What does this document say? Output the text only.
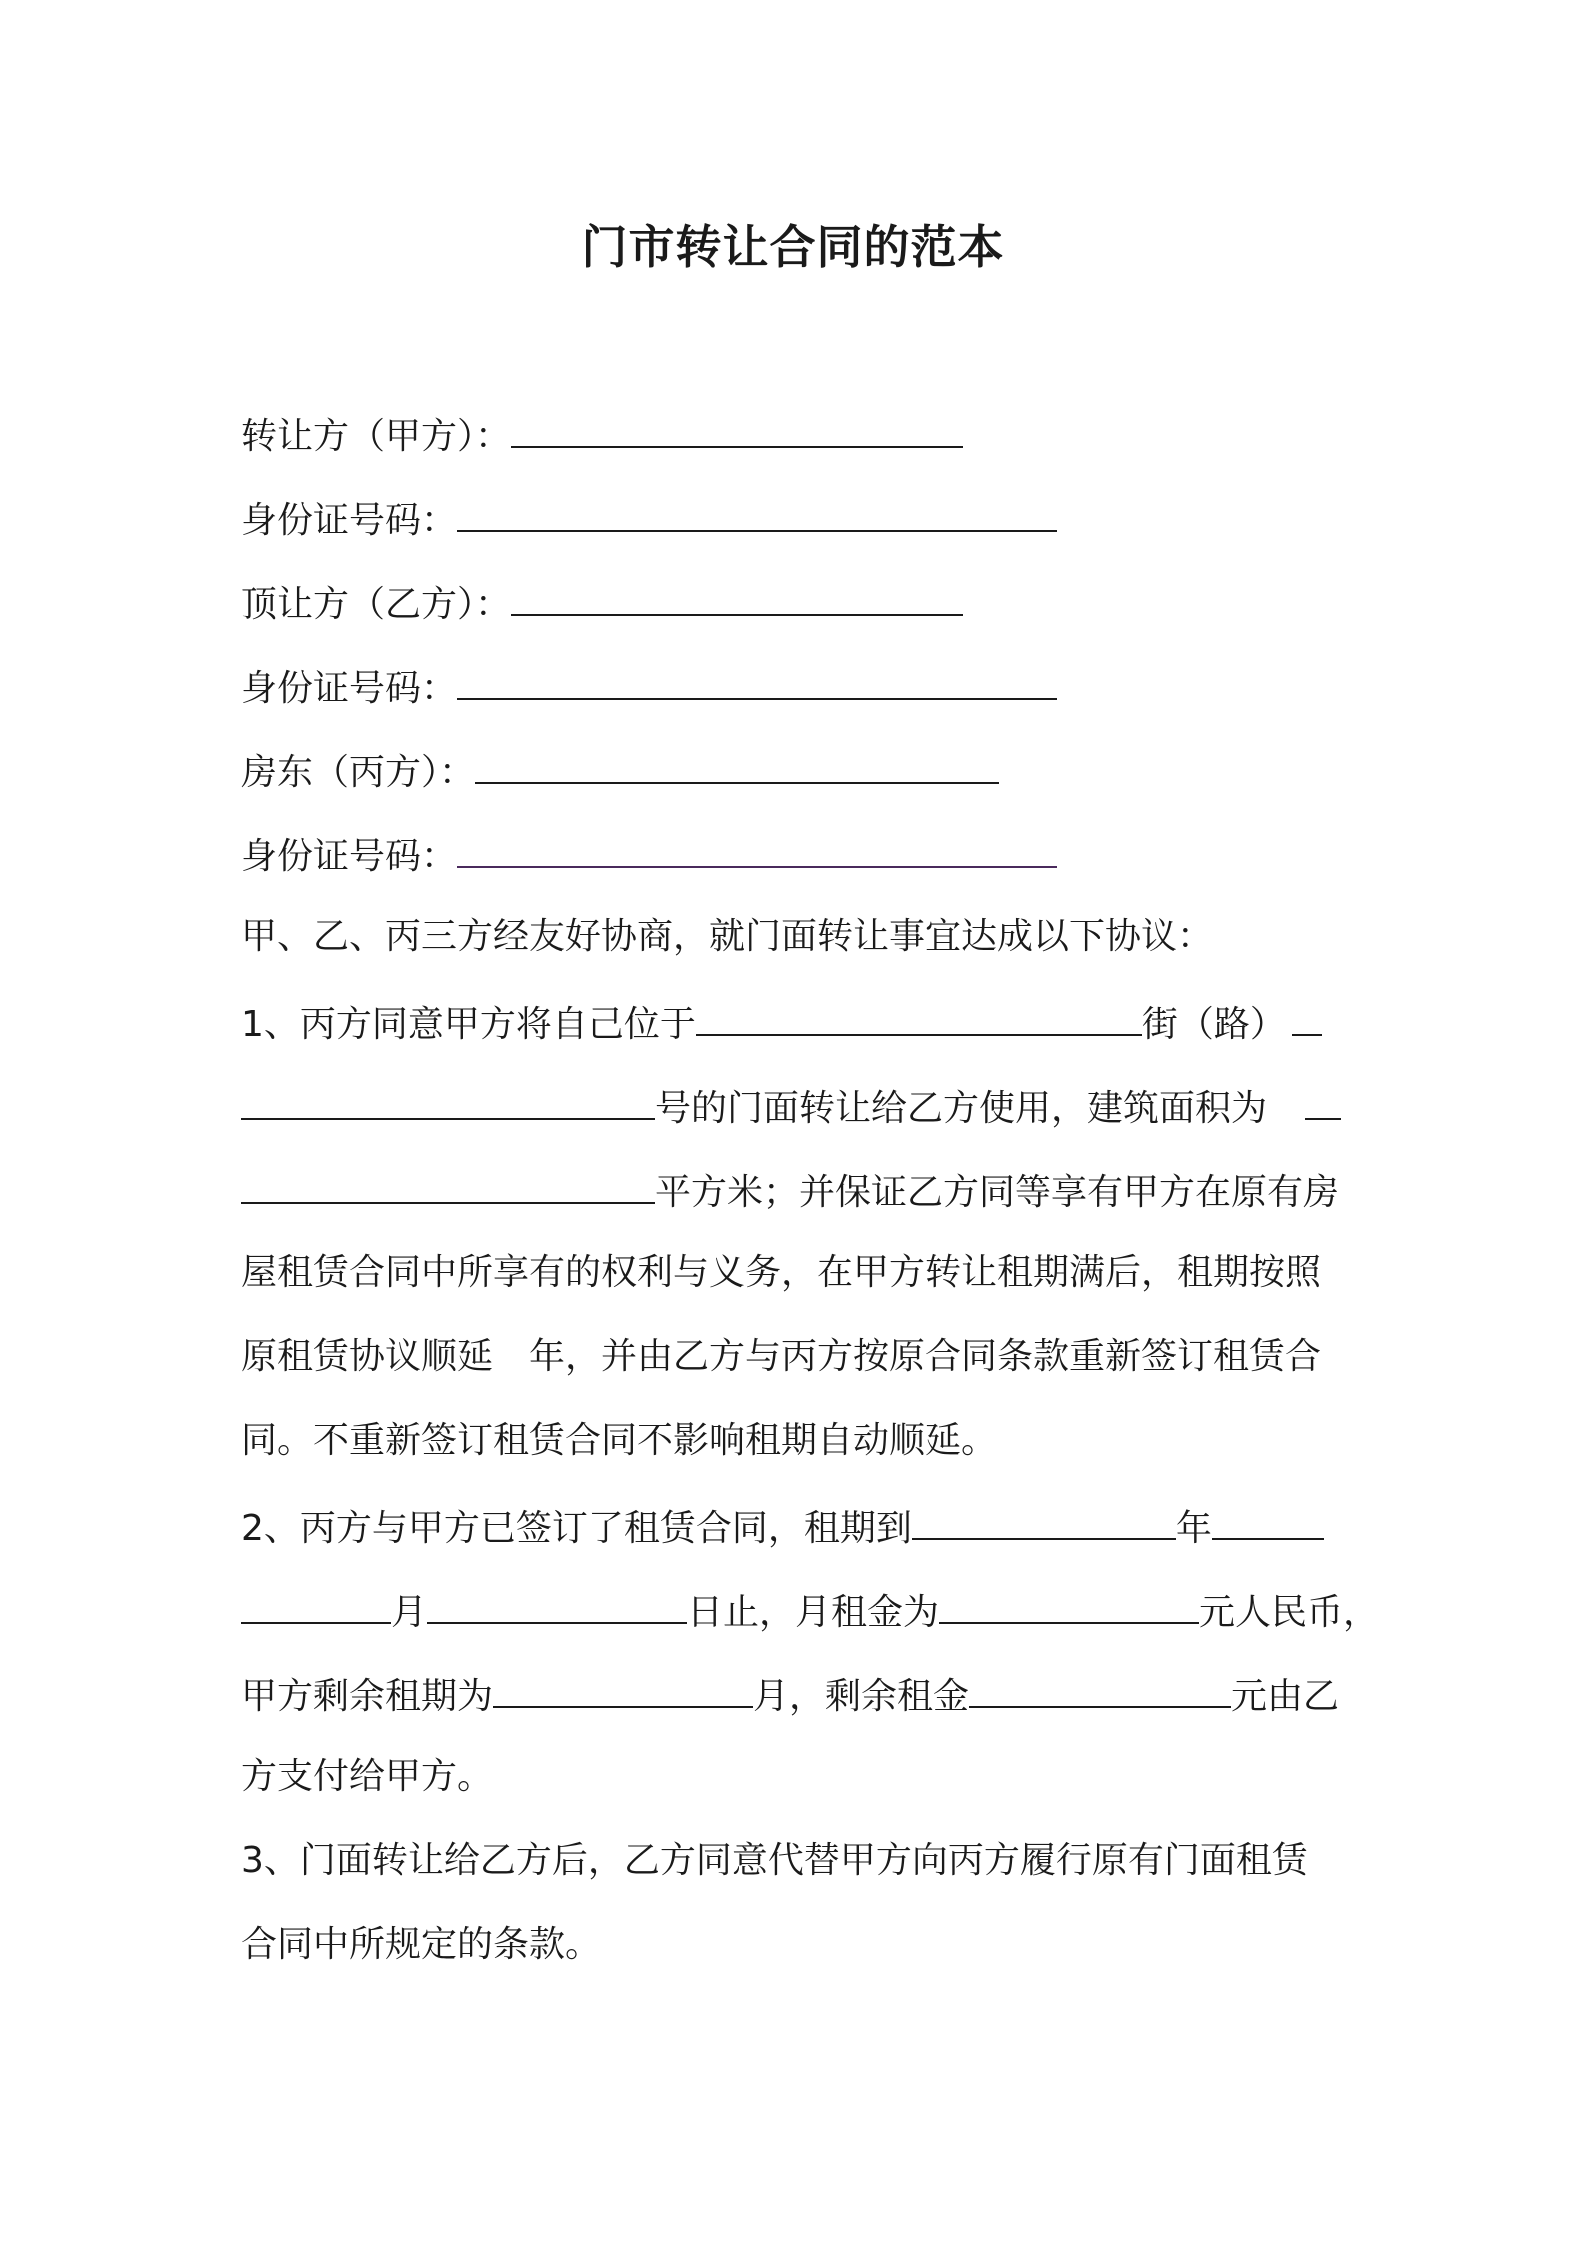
门市转让合同的范本
转让方（甲方）：
身份证号码：
顶让方（乙方）：
身份证号码：
房东（丙方）：
身份证号码：
甲、乙、丙三方经友好协商，就门面转让事宜达成以下协议：
1、丙方同意甲方将自己位于	街（路）
号的门面转让给乙方使用，建筑面积为
平方米；并保证乙方同等享有甲方在原有房
屋租赁合同中所享有的权利与义务，在甲方转让租期满后，租期按照
原租赁协议顺延　年，并由乙方与丙方按原合同条款重新签订租赁合
同。不重新签订租赁合同不影响租期自动顺延。
2、丙方与甲方已签订了租赁合同，租期到	年
月	日止，月租金为	元人民币，
甲方剩余租期为	月，剩余租金	元由乙
方支付给甲方。
3、门面转让给乙方后，乙方同意代替甲方向丙方履行原有门面租赁
合同中所规定的条款。
